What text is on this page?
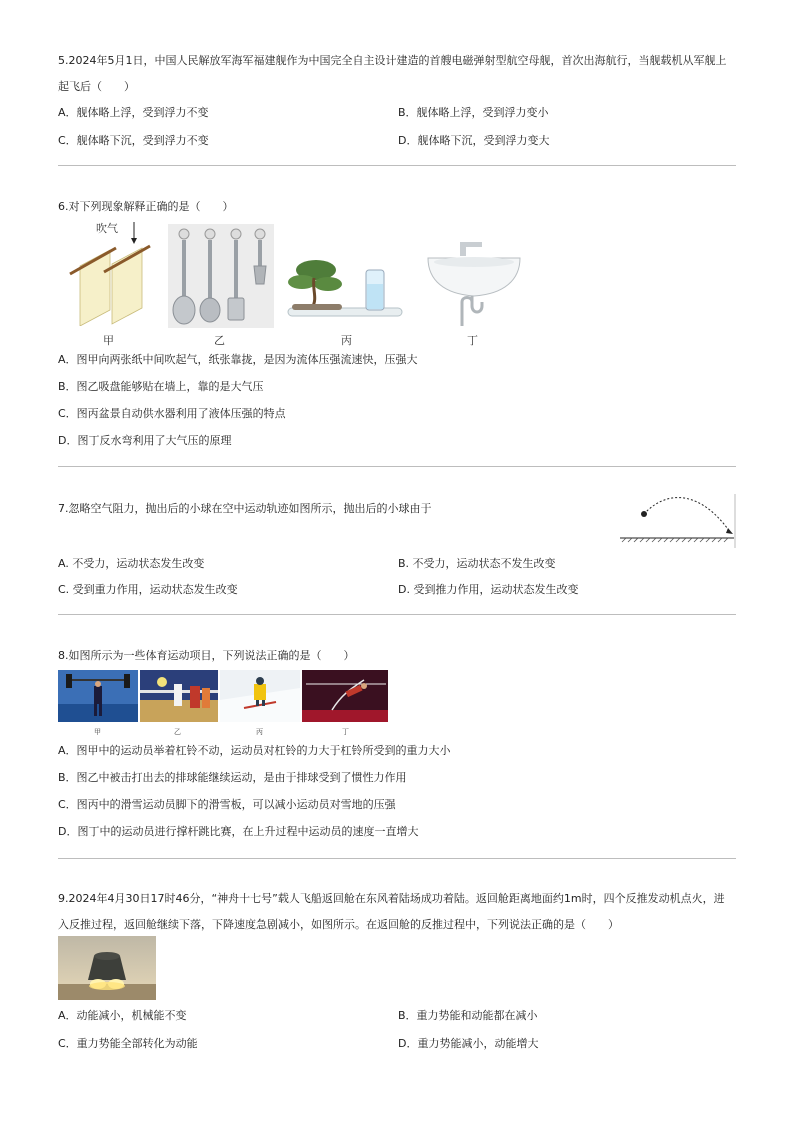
5.2024年5月1日，中国人民解放军海军福建舰作为中国完全自主设计建造的首艘电磁弹射型航空母舰，首次出海航行，当舰载机从军舰上
起飞后（　　）
A．舰体略上浮，受到浮力不变	B．舰体略上浮，受到浮力变小
C．舰体略下沉，受到浮力不变	D．舰体略下沉，受到浮力变大
6.对下列现象解释正确的是（　　）
吹气
甲	乙	丙	丁
A．图甲向两张纸中间吹起气，纸张靠拢，是因为流体压强流速快，压强大
B．图乙吸盘能够贴在墙上，靠的是大气压
C．图丙盆景自动供水器利用了液体压强的特点
D．图丁反水弯利用了大气压的原理
7.忽略空气阻力，抛出后的小球在空中运动轨迹如图所示，抛出后的小球由于
A. 不受力，运动状态发生改变	B. 不受力，运动状态不发生改变
C. 受到重力作用，运动状态发生改变	D. 受到推力作用，运动状态发生改变
8.如图所示为一些体育运动项目，下列说法正确的是（　　）
甲	乙	丙	丁
A．图甲中的运动员举着杠铃不动，运动员对杠铃的力大于杠铃所受到的重力大小
B．图乙中被击打出去的排球能继续运动，是由于排球受到了惯性力作用
C．图丙中的滑雪运动员脚下的滑雪板，可以减小运动员对雪地的压强
D．图丁中的运动员进行撑杆跳比赛，在上升过程中运动员的速度一直增大
9.2024年4月30日17时46分，“神舟十七号”载人飞船返回舱在东风着陆场成功着陆。返回舱距离地面约1m时，四个反推发动机点火，进
入反推过程，返回舱继续下落，下降速度急剧减小，如图所示。在返回舱的反推过程中，下列说法正确的是（　　）
A．动能减小，机械能不变	B．重力势能和动能都在减小
C．重力势能全部转化为动能	D．重力势能减小，动能增大
